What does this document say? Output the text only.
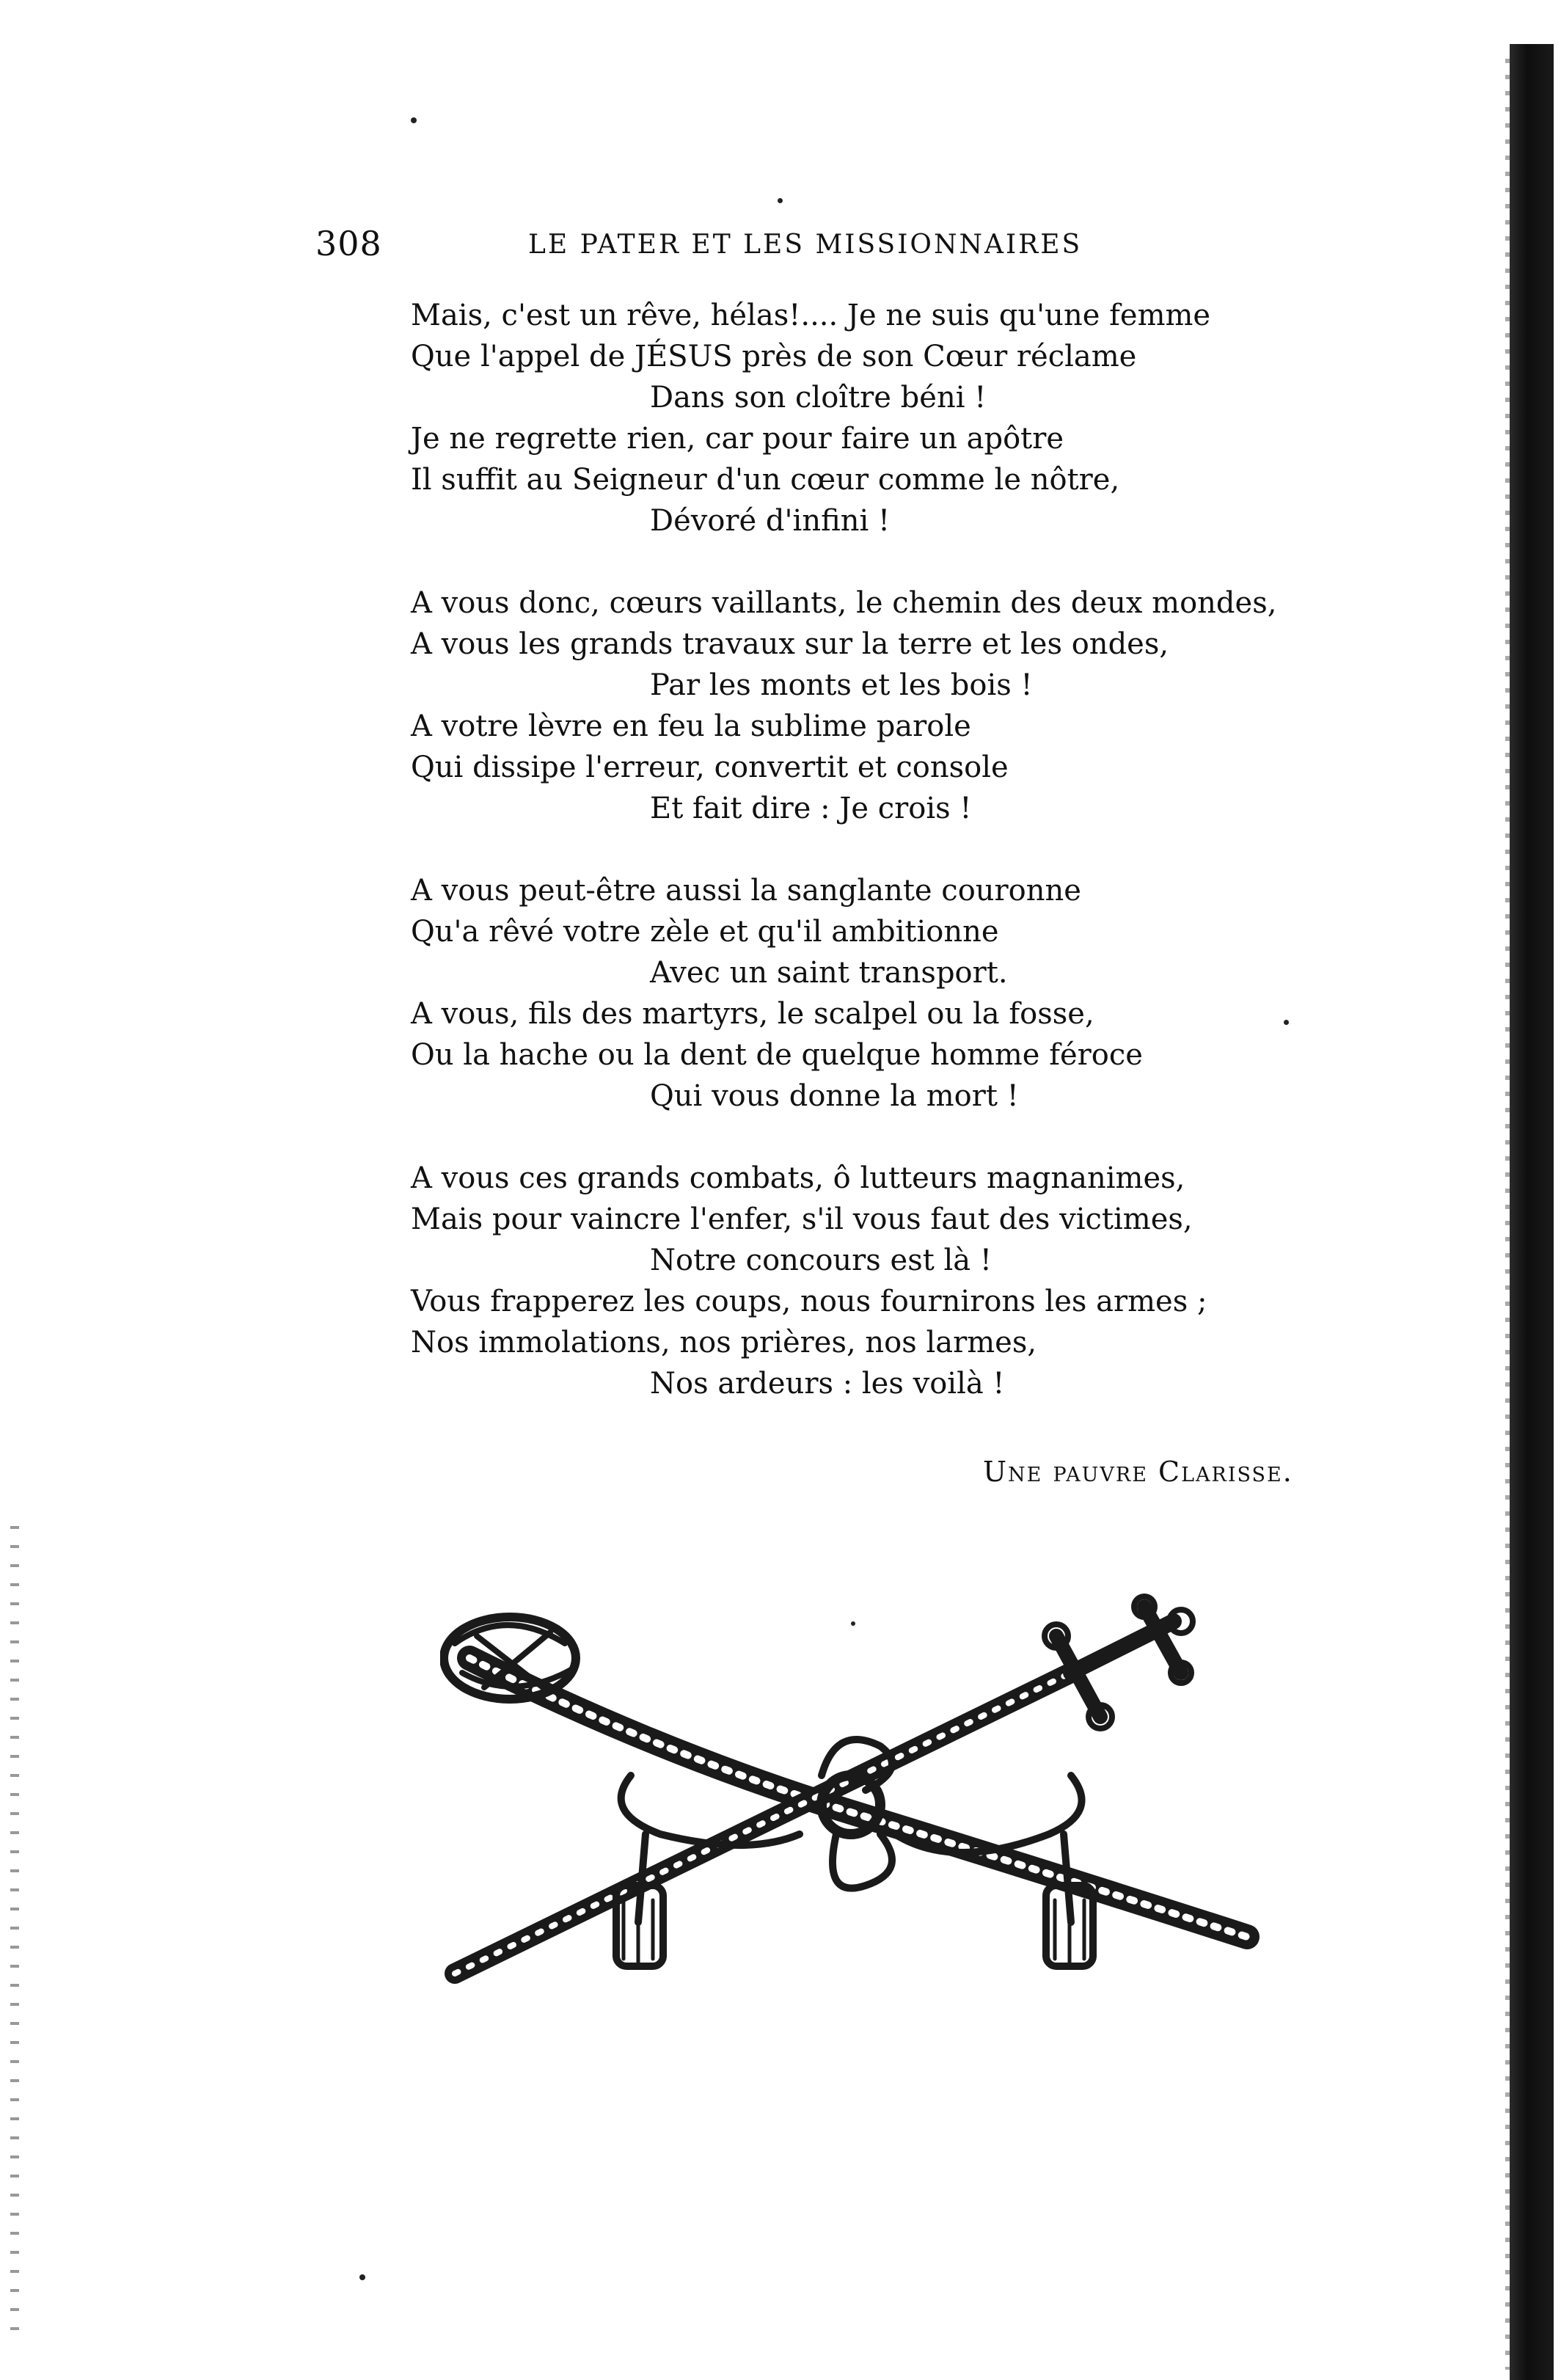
308	LE PATER ET LES MISSIONNAIRES
Mais, c'est un rêve, hélas!.... Je ne suis qu'une femme
Que l'appel de JÉSUS près de son Cœur réclame
Dans son cloître béni !
Je ne regrette rien, car pour faire un apôtre
Il suffit au Seigneur d'un cœur comme le nôtre,
Dévoré d'infini !
A vous donc, cœurs vaillants, le chemin des deux mondes,
A vous les grands travaux sur la terre et les ondes,
Par les monts et les bois !
A votre lèvre en feu la sublime parole
Qui dissipe l'erreur, convertit et console
Et fait dire : Je crois !
A vous peut-être aussi la sanglante couronne
Qu'a rêvé votre zèle et qu'il ambitionne
Avec un saint transport.
A vous, fils des martyrs, le scalpel ou la fosse,
Ou la hache ou la dent de quelque homme féroce
Qui vous donne la mort !
A vous ces grands combats, ô lutteurs magnanimes,
Mais pour vaincre l'enfer, s'il vous faut des victimes,
Notre concours est là !
Vous frapperez les coups, nous fournirons les armes ;
Nos immolations, nos prières, nos larmes,
Nos ardeurs : les voilà !
Une pauvre Clarisse.
